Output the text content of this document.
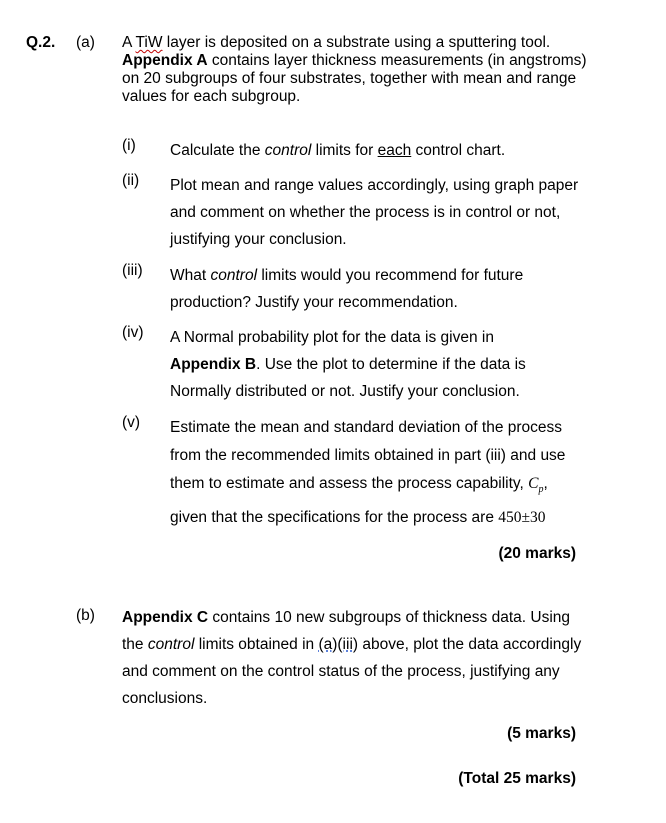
Q.2. (a) A TiW layer is deposited on a substrate using a sputtering tool.
Appendix A contains layer thickness measurements (in angstroms) on 20 subgroups of four substrates, together with mean and range values for each subgroup.
(i) Calculate the control limits for each control chart.
(ii) Plot mean and range values accordingly, using graph paper and comment on whether the process is in control or not, justifying your conclusion.
(iii) What control limits would you recommend for future production? Justify your recommendation.
(iv) A Normal probability plot for the data is given in Appendix B. Use the plot to determine if the data is Normally distributed or not. Justify your conclusion.
(v) Estimate the mean and standard deviation of the process from the recommended limits obtained in part (iii) and use them to estimate and assess the process capability, $C_p$,
given that the specifications for the process are 450±30
(20 marks)
(b) Appendix C contains 10 new subgroups of thickness data. Using the control limits obtained in (a)(iii) above, plot the data accordingly and comment on the control status of the process, justifying any conclusions.
(5 marks)
(Total 25 marks)
